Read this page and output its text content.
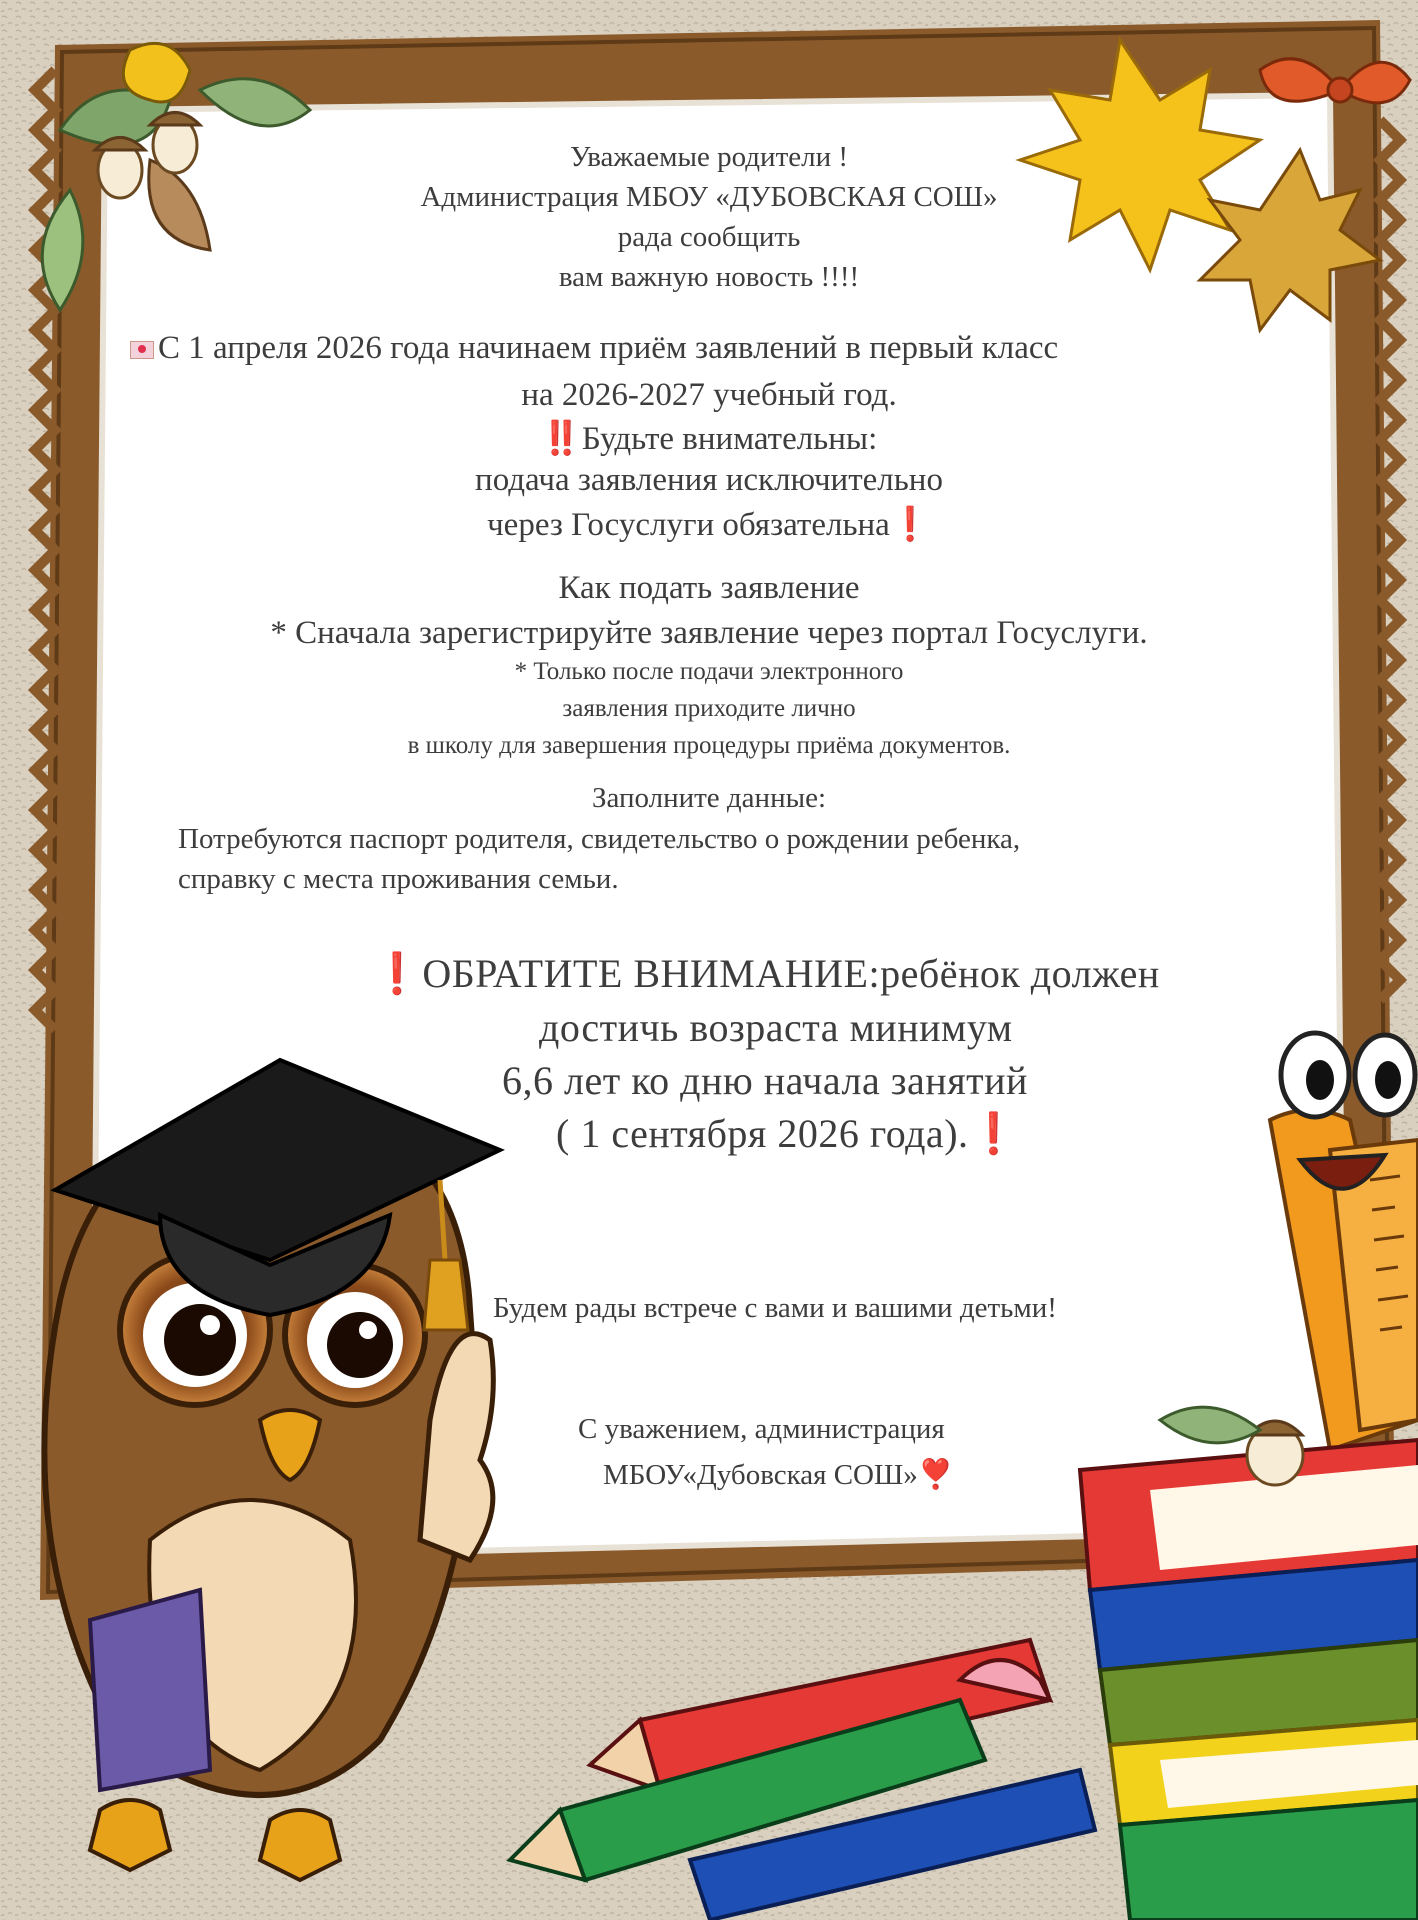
Уважаемые родители !

Администрация МБОУ «ДУБОВСКАЯ СОШ»

рада сообщить

вам важную новость !!!!

С 1 апреля 2026 года начинаем приём заявлений в первый класс

на 2026-2027 учебный год.

‼️Будьте внимательны:

подача заявления исключительно

через Госуслуги обязательна❗

Как подать заявление

* Сначала зарегистрируйте заявление через портал Госуслуги.

* Только после подачи электронного

заявления приходите лично

в школу для завершения процедуры приёма документов.

Заполните данные:

Потребуются паспорт родителя, свидетельство о рождении ребенка,

справку с места проживания семьи.

❗ОБРАТИТЕ ВНИМАНИЕ:ребёнок должен

достичь возраста минимум

6,6 лет ко дню начала занятий

( 1 сентября 2026 года).❗

Будем рады встрече с вами и вашими детьми!

С уважением, администрация

МБОУ«Дубовская СОШ»❣️
